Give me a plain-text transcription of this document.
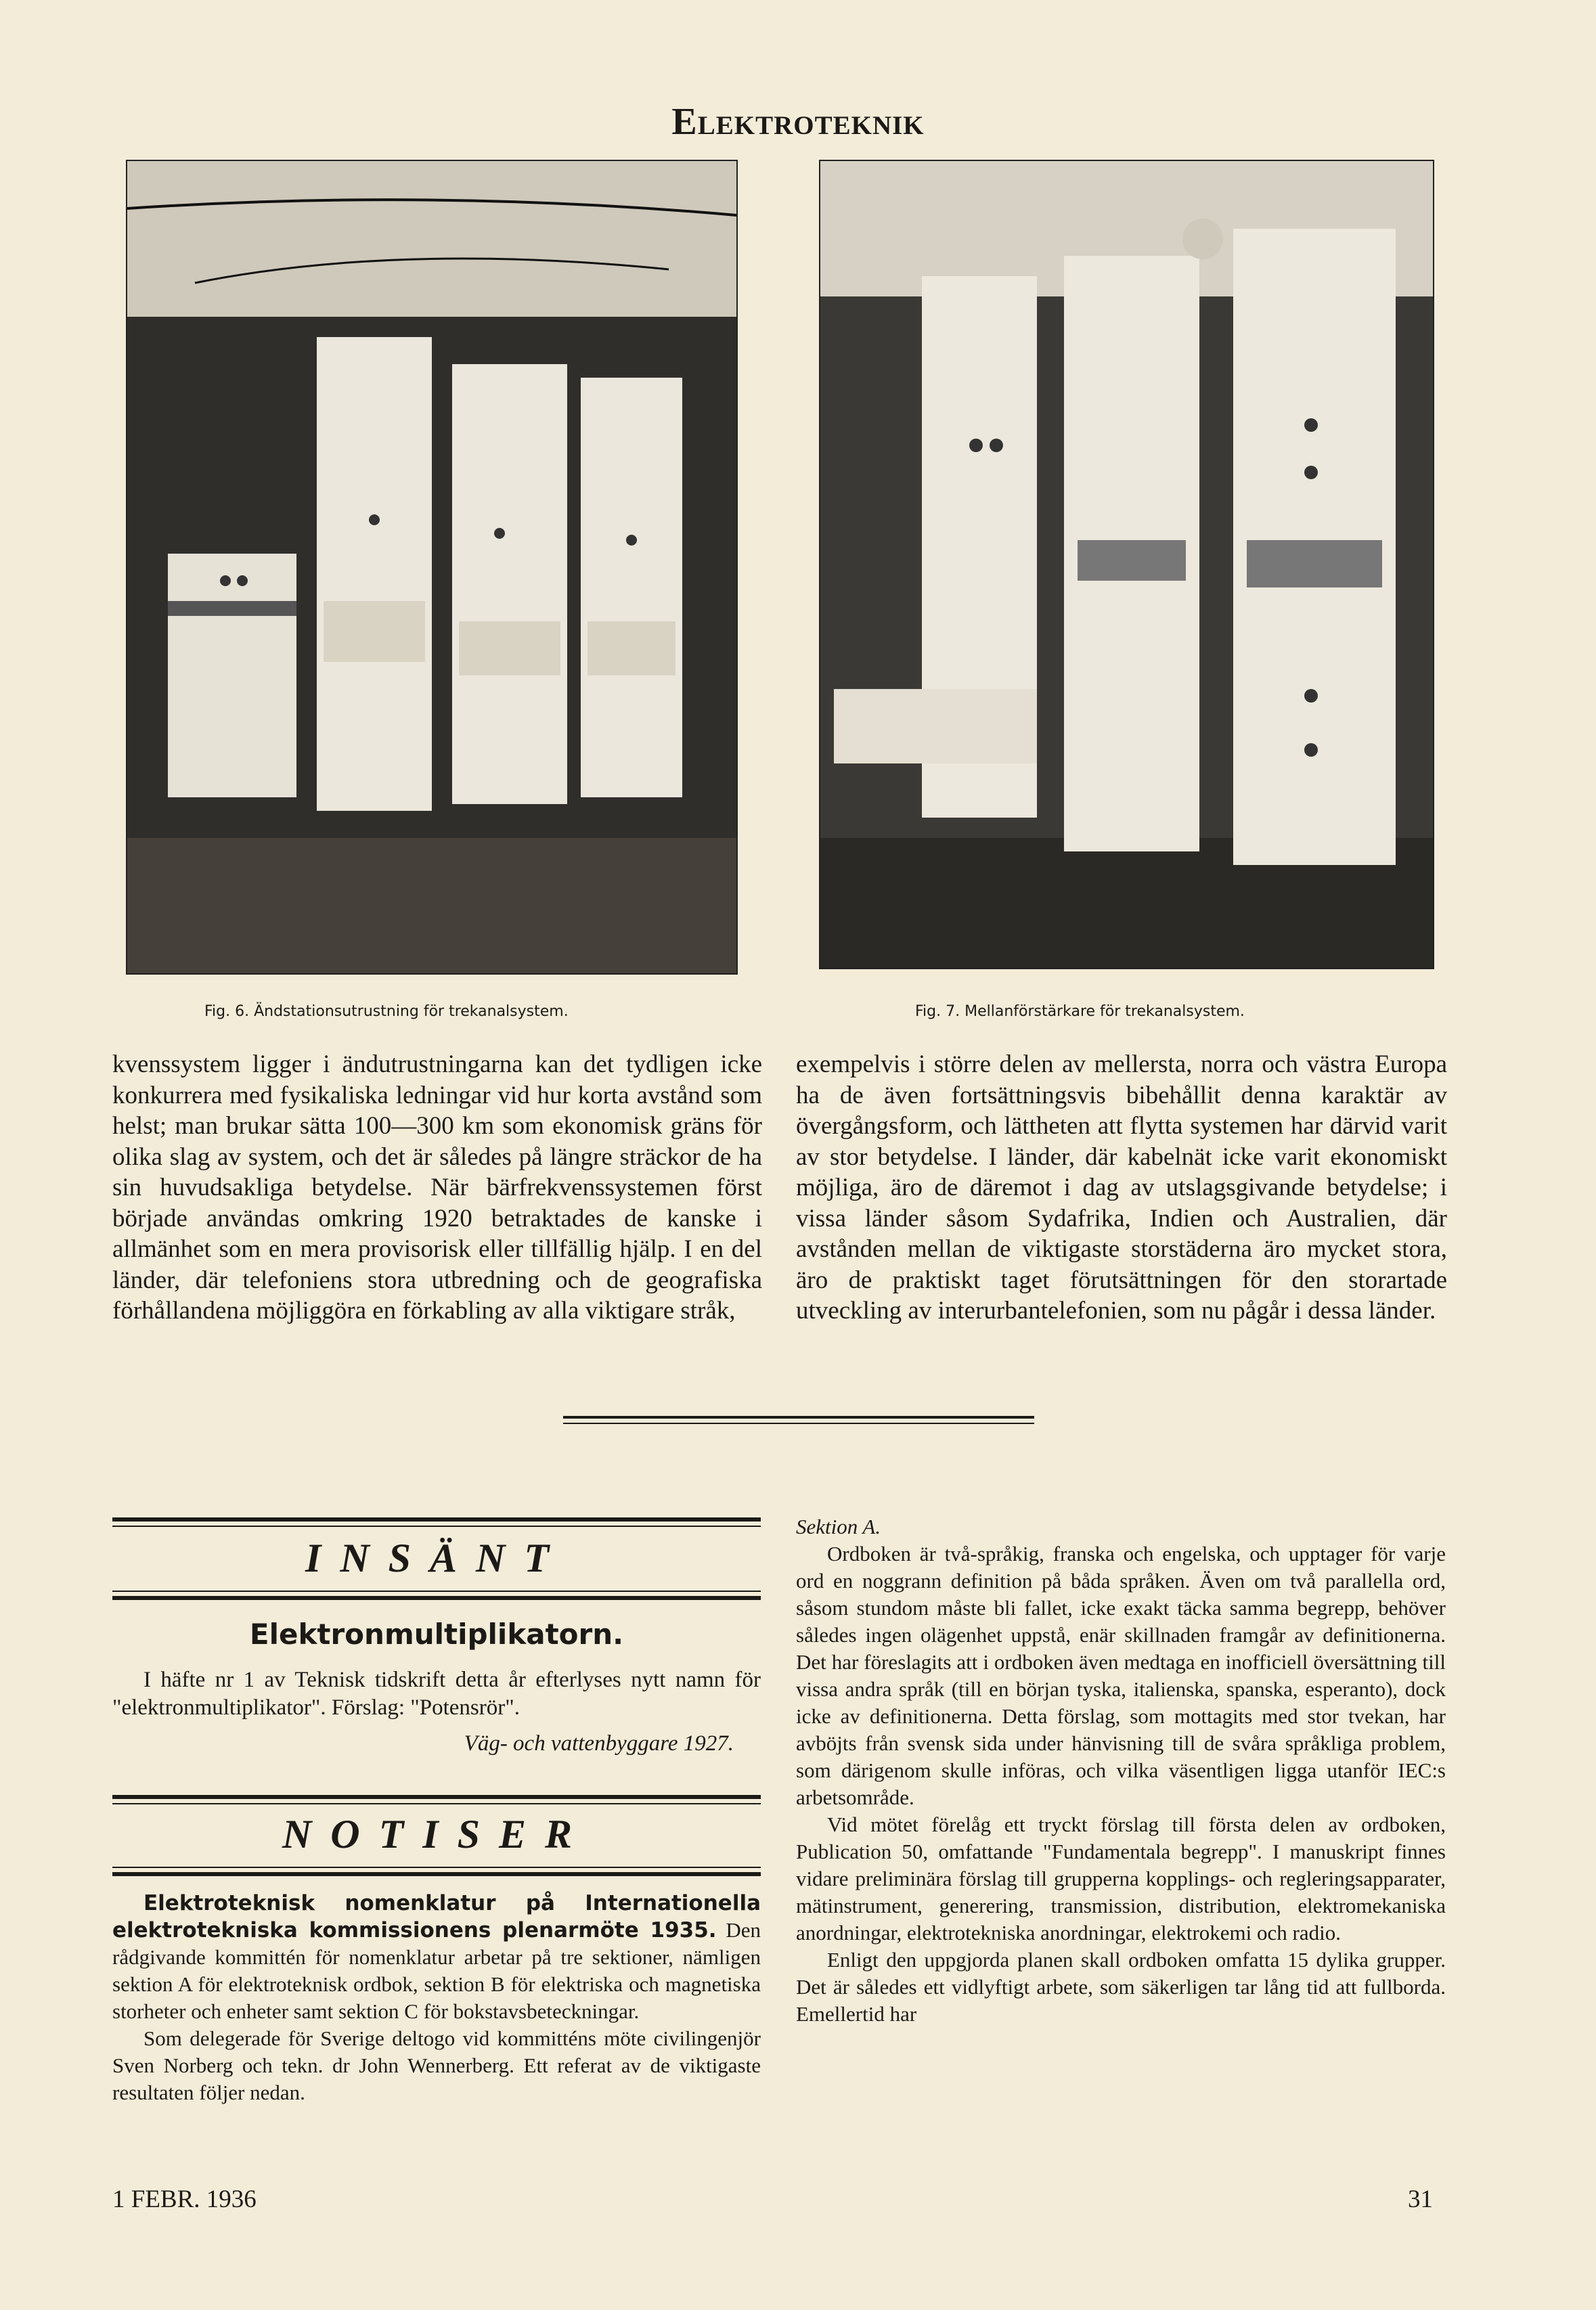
Elektroteknik
Fig. 6. Ändstationsutrustning för trekanalsystem.	Fig. 7. Mellanförstärkare för trekanalsystem.

kvenssystem ligger i ändutrustningarna kan det tydligen icke konkurrera med fysikaliska ledningar vid hur korta avstånd som helst; man brukar sätta 100—300 km som ekonomisk gräns för olika slag av system, och det är således på längre sträckor de ha sin huvudsakliga betydelse. När bärfrekvenssystemen först började användas omkring 1920 betraktades de kanske i allmänhet som en mera provisorisk eller tillfällig hjälp. I en del länder, där telefoniens stora utbredning och de geografiska förhållandena möjliggöra en förkabling av alla viktigare stråk,

exempelvis i större delen av mellersta, norra och västra Europa ha de även fortsättningsvis bibehållit denna karaktär av övergångsform, och lättheten att flytta systemen har därvid varit av stor betydelse. I länder, där kabelnät icke varit ekonomiskt möjliga, äro de däremot i dag av utslagsgivande betydelse; i vissa länder såsom Sydafrika, Indien och Australien, där avstånden mellan de viktigaste storstäderna äro mycket stora, äro de praktiskt taget förutsättningen för den storartade utveckling av interurbantelefonien, som nu pågår i dessa länder.

INSÄNT
Elektronmultiplikatorn.

I häfte nr 1 av Teknisk tidskrift detta år efterlyses nytt namn för "elektronmultiplikator". Förslag: "Potensrör".

Väg- och vattenbyggare 1927.

NOTISER

Elektroteknisk nomenklatur på Internationella elektrotekniska kommissionens plenarmöte 1935. Den rådgivande kommittén för nomenklatur arbetar på tre sektioner, nämligen sektion A för elektroteknisk ordbok, sektion B för elektriska och magnetiska storheter och enheter samt sektion C för bokstavsbeteckningar.

Som delegerade för Sverige deltogo vid kommitténs möte civilingenjör Sven Norberg och tekn. dr John Wennerberg. Ett referat av de viktigaste resultaten följer nedan.

Sektion A.

Ordboken är två-språkig, franska och engelska, och upptager för varje ord en noggrann definition på båda språken. Även om två parallella ord, såsom stundom måste bli fallet, icke exakt täcka samma begrepp, behöver således ingen olägenhet uppstå, enär skillnaden framgår av definitionerna. Det har föreslagits att i ordboken även medtaga en inofficiell översättning till vissa andra språk (till en början tyska, italienska, spanska, esperanto), dock icke av definitionerna. Detta förslag, som mottagits med stor tvekan, har avböjts från svensk sida under hänvisning till de svåra språkliga problem, som därigenom skulle införas, och vilka väsentligen ligga utanför IEC:s arbetsområde.

Vid mötet förelåg ett tryckt förslag till första delen av ordboken, Publication 50, omfattande "Fundamentala begrepp". I manuskript finnes vidare preliminära förslag till grupperna kopplings- och regleringsapparater, mätinstrument, generering, transmission, distribution, elektromekaniska anordningar, elektrotekniska anordningar, elektrokemi och radio.

Enligt den uppgjorda planen skall ordboken omfatta 15 dylika grupper. Det är således ett vidlyftigt arbete, som säkerligen tar lång tid att fullborda. Emellertid har

1 FEBR. 1936	31
